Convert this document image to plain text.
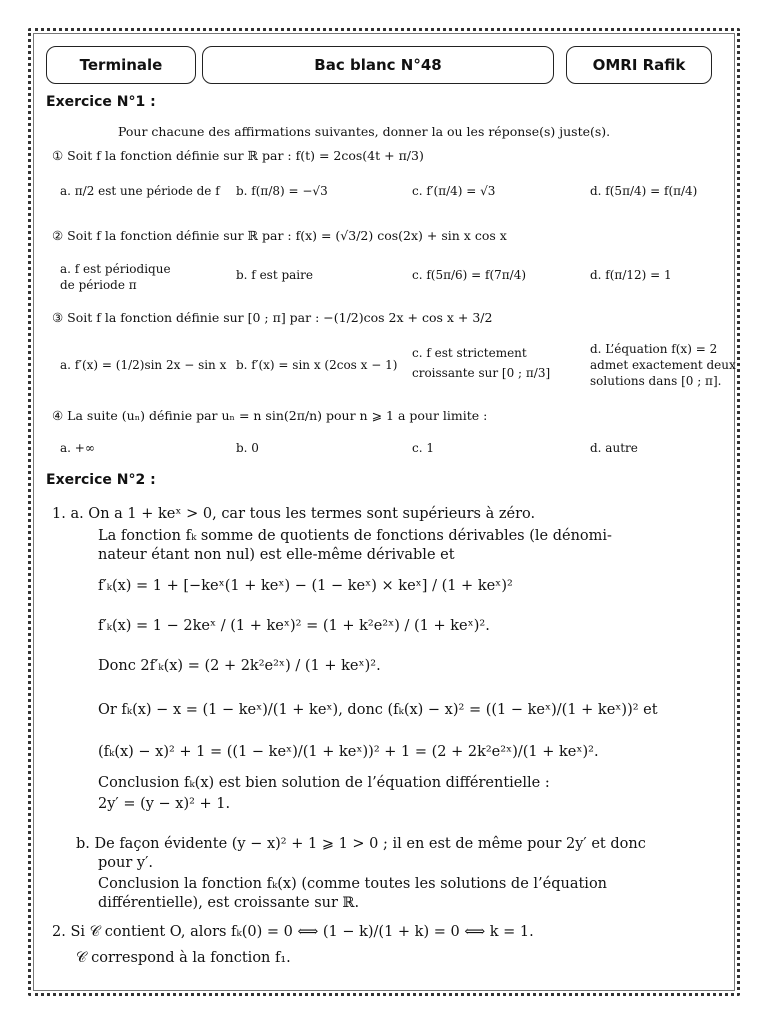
Terminale	Bac blanc N°48	OMRI Rafik
Exercice N°1 :
Pour chacune des affirmations suivantes, donner la ou les réponse(s) juste(s).
① Soit f la fonction définie sur ℝ par : f(t) = 2cos(4t + π/3)
a. π/2 est une période de f b. f(π/8) = −√3	c. f′(π/4) = √3	d. f(5π/4) = f(π/4)
② Soit f la fonction définie sur ℝ par : f(x) = (√3/2) cos(2x) + sin x cos x
a. f est périodique
de période π
b. f est paire	c. f(5π/6) = f(7π/4)	d. f(π/12) = 1
③ Soit f la fonction définie sur [0 ; π] par : −(1/2)cos 2x + cos x + 3/2
a. f′(x) = (1/2)sin 2x − sin x b. f′(x) = sin x (2cos x − 1)
c. f est strictement
croissante sur [0 ; π/3]
d. L’équation f(x) = 2
admet exactement deux
solutions dans [0 ; π].
④ La suite (uₙ) définie par uₙ = n sin(2π/n) pour n ⩾ 1 a pour limite :
a. +∞	b. 0	c. 1	d. autre
Exercice N°2 :
1. a. On a 1 + keˣ > 0, car tous les termes sont supérieurs à zéro.
La fonction fₖ somme de quotients de fonctions dérivables (le dénomi-
nateur étant non nul) est elle-même dérivable et
f′ₖ(x) = 1 + [−keˣ(1 + keˣ) − (1 − keˣ) × keˣ] / (1 + keˣ)²
f′ₖ(x) = 1 − 2keˣ / (1 + keˣ)² = (1 + k²e²ˣ) / (1 + keˣ)².
Donc 2f′ₖ(x) = (2 + 2k²e²ˣ) / (1 + keˣ)².
Or fₖ(x) − x = (1 − keˣ)/(1 + keˣ), donc (fₖ(x) − x)² = ((1 − keˣ)/(1 + keˣ))² et
(fₖ(x) − x)² + 1 = ((1 − keˣ)/(1 + keˣ))² + 1 = (2 + 2k²e²ˣ)/(1 + keˣ)².
Conclusion fₖ(x) est bien solution de l’équation différentielle :
2y′ = (y − x)² + 1.
b. De façon évidente (y − x)² + 1 ⩾ 1 > 0 ; il en est de même pour 2y′ et donc
pour y′.
Conclusion la fonction fₖ(x) (comme toutes les solutions de l’équation
différentielle), est croissante sur ℝ.
2. Si 𝒞 contient O, alors fₖ(0) = 0 ⟺ (1 − k)/(1 + k) = 0 ⟺ k = 1.
𝒞 correspond à la fonction f₁.
